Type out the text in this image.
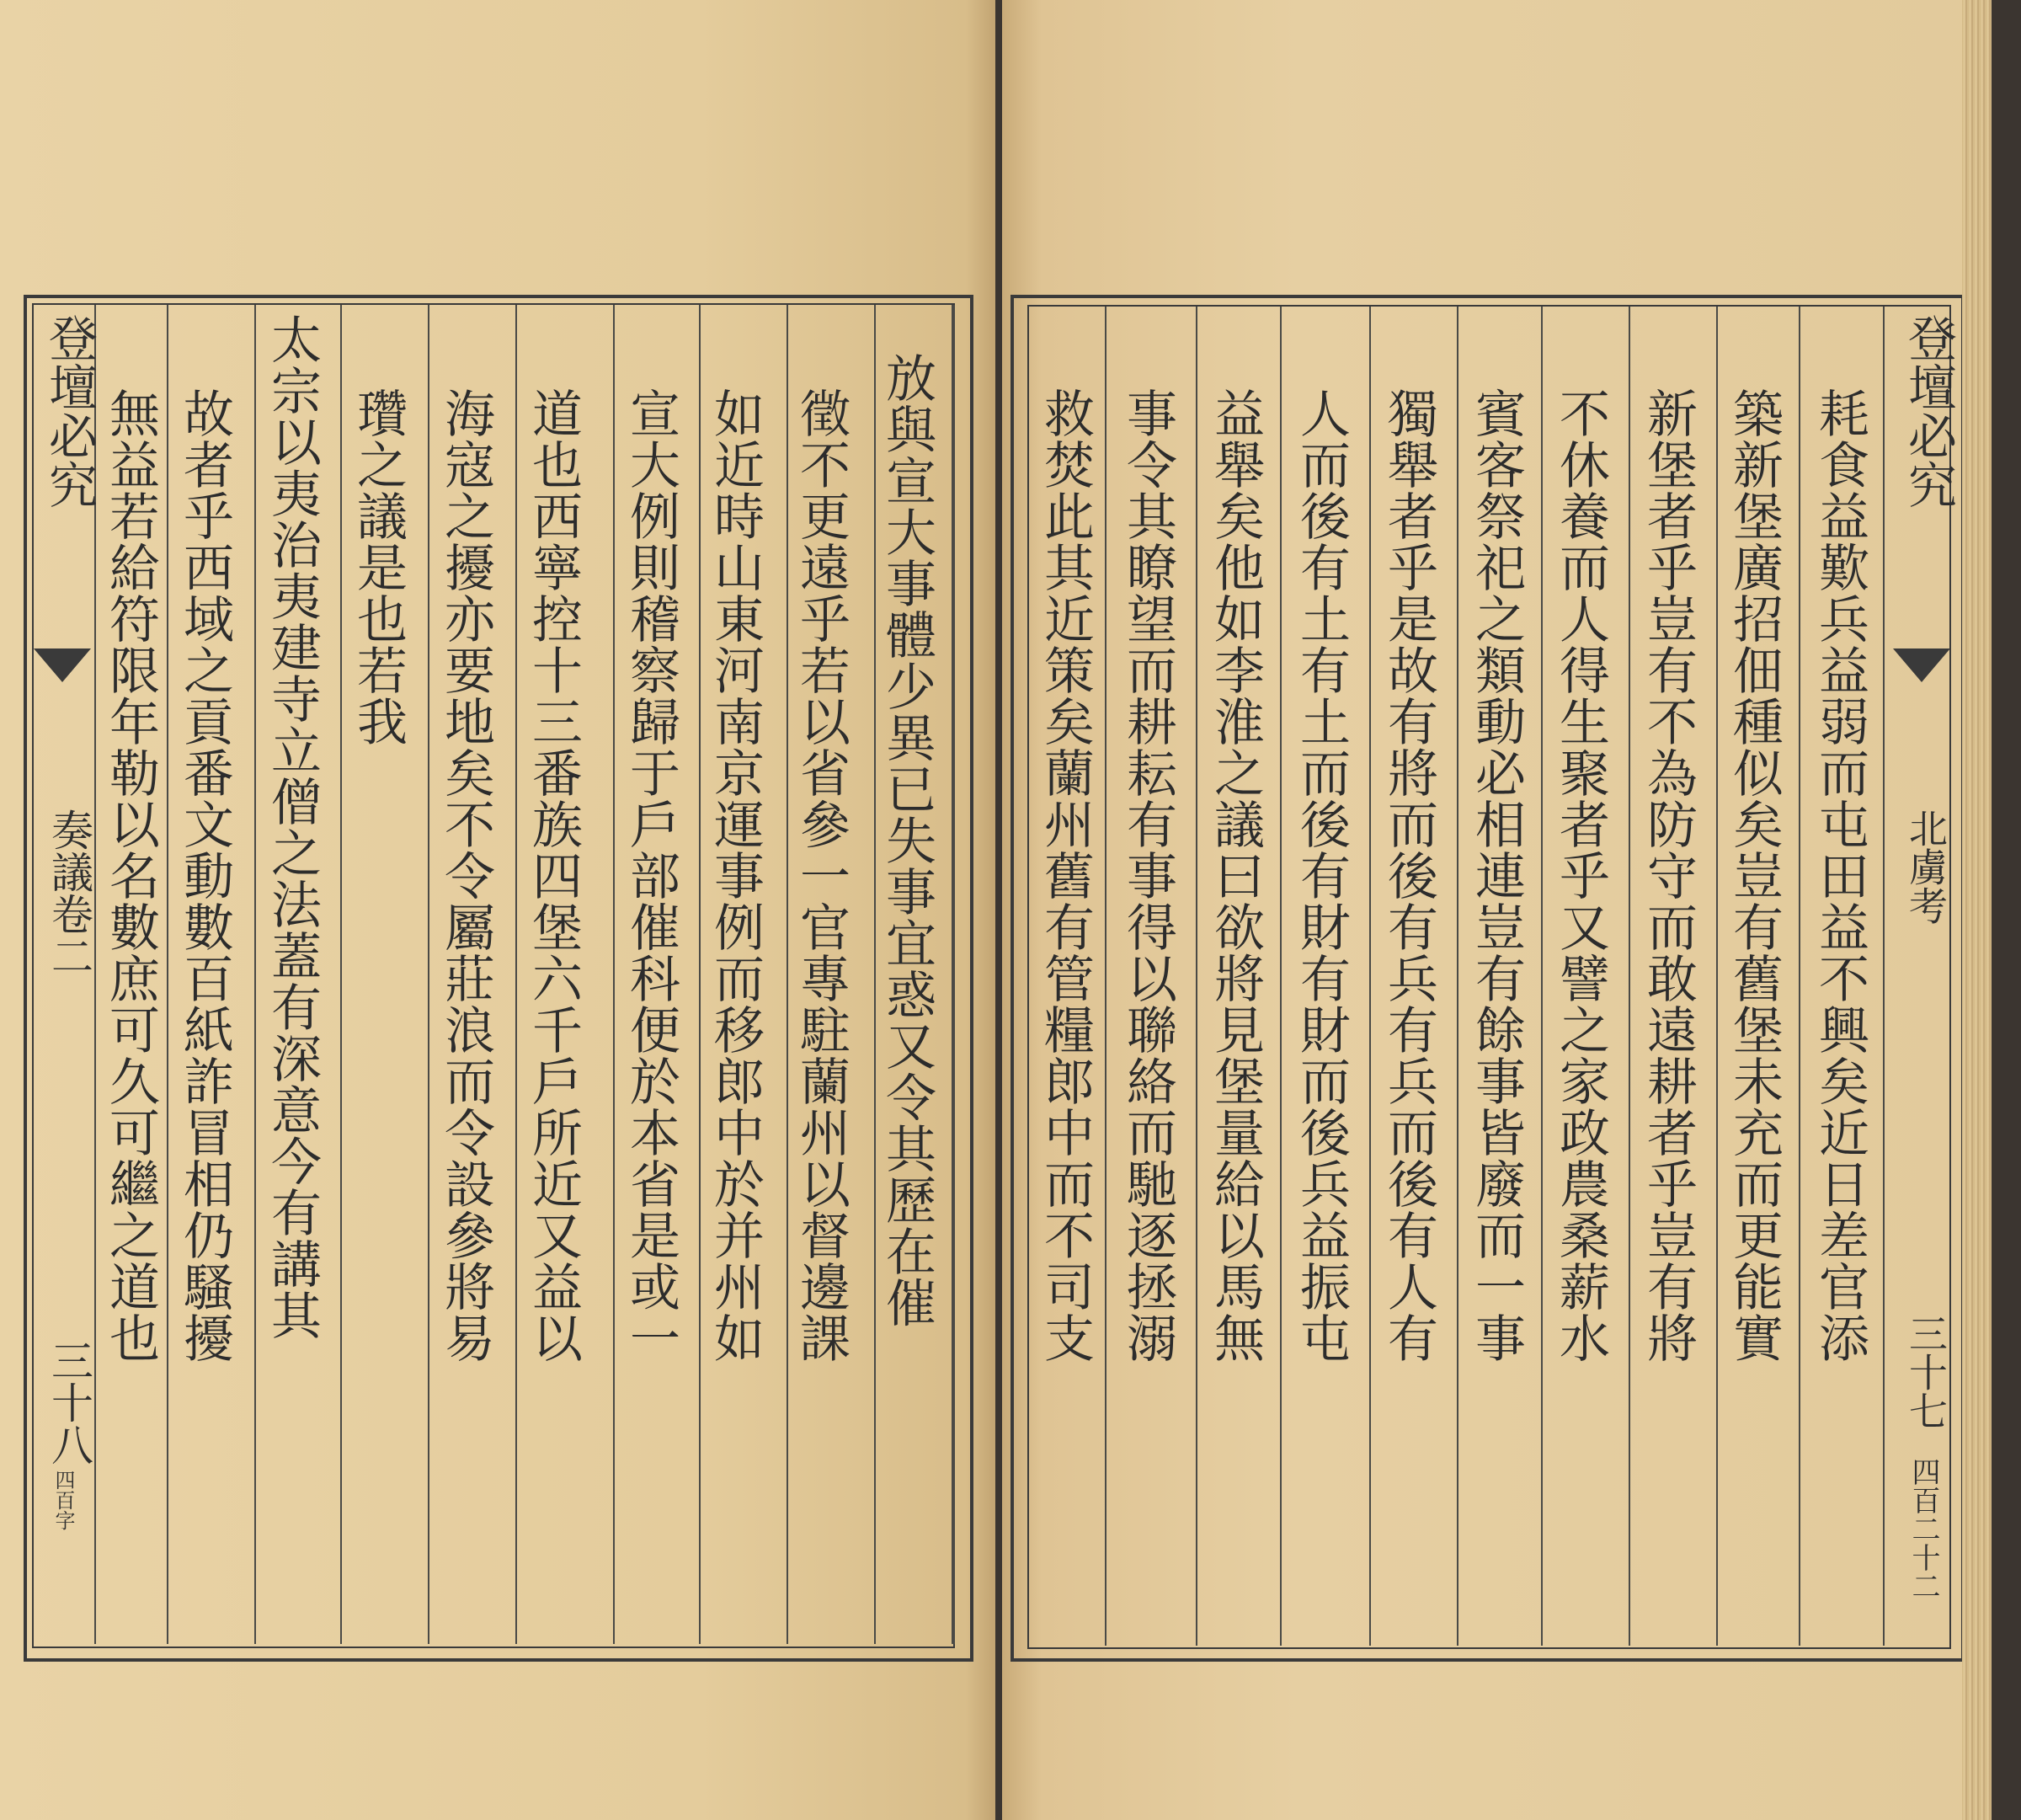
登壇必究
奏議卷二
三十八
四百字
放與宣大事體少異已失事宜惑又令其歷在催
徵不更遠乎若以省參一官專駐蘭州以督邊課
如近時山東河南京運事例而移郎中於并州如
宣大例則稽察歸于戶部催科便於本省是或一
道也西寧控十三番族四堡六千戶所近又益以
海寇之擾亦要地矣不令屬莊浪而令設參將易
瓚之議是也若我
太宗以夷治夷建寺立僧之法蓋有深意今有講其
故者乎西域之貢番文動數百紙詐冒相仍騷擾
無益若給符限年勒以名數庶可久可繼之道也	耗食益歎兵益弱而屯田益不興矣近日差官添
築新堡廣招佃種似矣豈有舊堡未充而更能實
新堡者乎豈有不為防守而敢遠耕者乎豈有將
不休養而人得生聚者乎又譬之家政農桑薪水
賓客祭祀之類動必相連豈有餘事皆廢而一事
獨舉者乎是故有將而後有兵有兵而後有人有
人而後有土有土而後有財有財而後兵益振屯
益舉矣他如李淮之議曰欲將見堡量給以馬無
事令其瞭望而耕耘有事得以聯絡而馳逐拯溺
救焚此其近策矣蘭州舊有管糧郎中而不司支	登壇必究
北虜考
三十七
四百二十二
